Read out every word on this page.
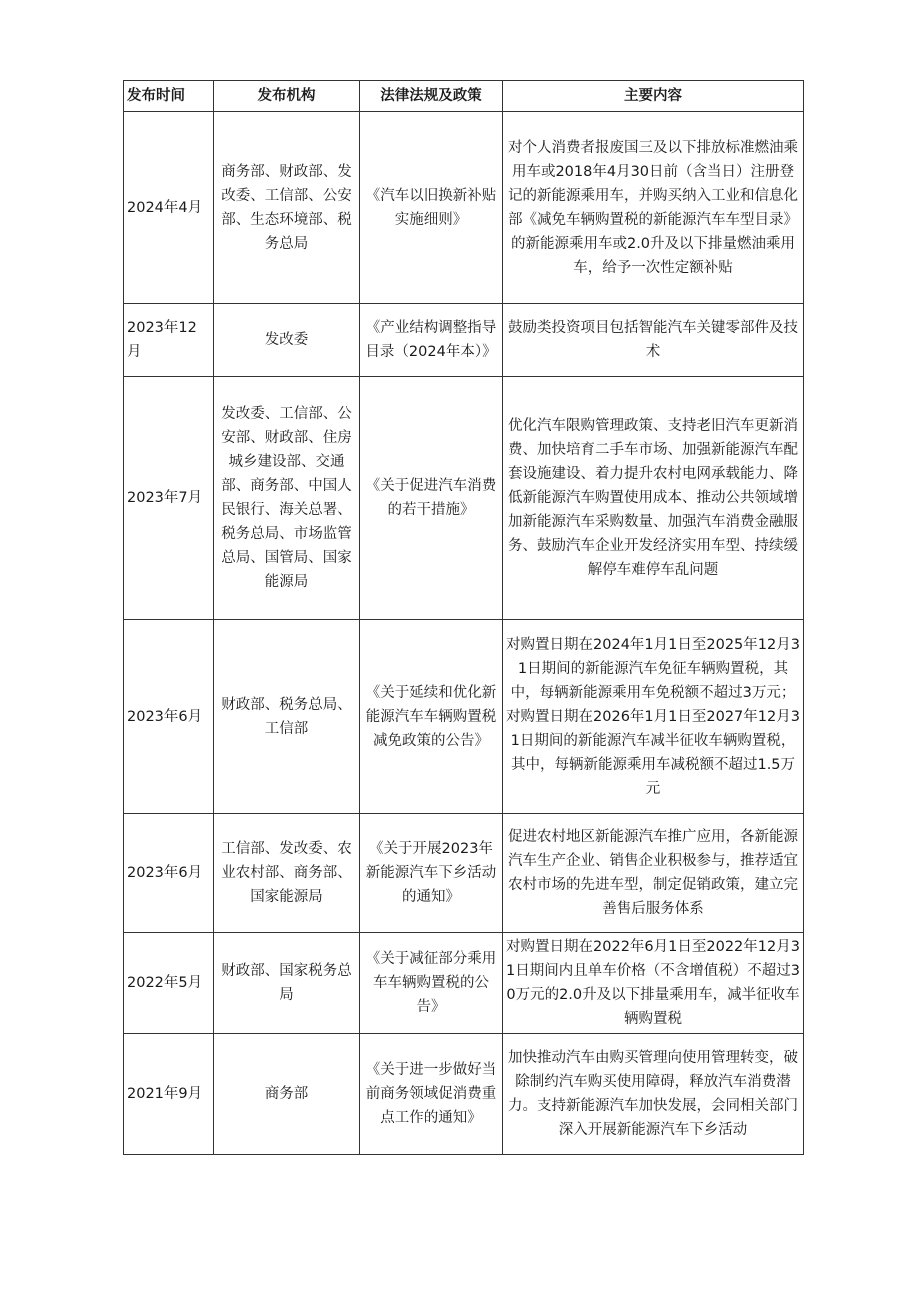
发布时间	发布机构	法律法规及政策	主要内容
2024年4月	商务部、财政部、发改委、工信部、公安部、生态环境部、税务总局	《汽车以旧换新补贴实施细则》	对个人消费者报废国三及以下排放标准燃油乘用车或2018年4月30日前（含当日）注册登记的新能源乘用车，并购买纳入工业和信息化部《减免车辆购置税的新能源汽车车型目录》的新能源乘用车或2.0升及以下排量燃油乘用车，给予一次性定额补贴
2023年12月	发改委	《产业结构调整指导目录（2024年本）》	鼓励类投资项目包括智能汽车关键零部件及技术
2023年7月	发改委、工信部、公安部、财政部、住房城乡建设部、交通部、商务部、中国人民银行、海关总署、税务总局、市场监管总局、国管局、国家能源局	《关于促进汽车消费的若干措施》	优化汽车限购管理政策、支持老旧汽车更新消费、加快培育二手车市场、加强新能源汽车配套设施建设、着力提升农村电网承载能力、降低新能源汽车购置使用成本、推动公共领域增加新能源汽车采购数量、加强汽车消费金融服务、鼓励汽车企业开发经济实用车型、持续缓解停车难停车乱问题
2023年6月	财政部、税务总局、工信部	《关于延续和优化新能源汽车车辆购置税减免政策的公告》	对购置日期在2024年1月1日至2025年12月31日期间的新能源汽车免征车辆购置税，其中，每辆新能源乘用车免税额不超过3万元；对购置日期在2026年1月1日至2027年12月31日期间的新能源汽车减半征收车辆购置税，其中，每辆新能源乘用车减税额不超过1.5万元
2023年6月	工信部、发改委、农业农村部、商务部、国家能源局	《关于开展2023年新能源汽车下乡活动的通知》	促进农村地区新能源汽车推广应用，各新能源汽车生产企业、销售企业积极参与，推荐适宜农村市场的先进车型，制定促销政策，建立完善售后服务体系
2022年5月	财政部、国家税务总局	《关于减征部分乘用车车辆购置税的公告》	对购置日期在2022年6月1日至2022年12月31日期间内且单车价格（不含增值税）不超过30万元的2.0升及以下排量乘用车，减半征收车辆购置税
2021年9月	商务部	《关于进一步做好当前商务领域促消费重点工作的通知》	加快推动汽车由购买管理向使用管理转变，破除制约汽车购买使用障碍，释放汽车消费潜力。支持新能源汽车加快发展，会同相关部门深入开展新能源汽车下乡活动
